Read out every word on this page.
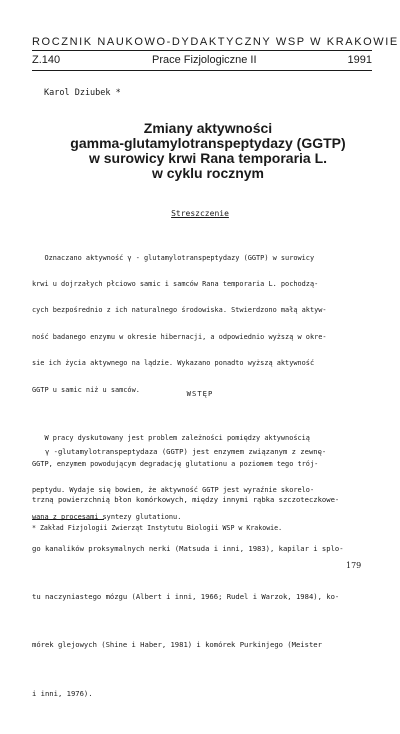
ROCZNIK NAUKOWO-DYDAKTYCZNY WSP W KRAKOWIE
Z.140	Prace Fizjologiczne II	1991
Karol Dziubek *
Zmiany aktywności
gamma-glutamylotranspeptydazy (GGTP)
w surowicy krwi Rana temporaria L.
w cyklu rocznym
Streszczenie

Oznaczano aktywność γ - glutamylotranspeptydazy (GGTP) w surowicy

krwi u dojrzałych płciowo samic i samców Rana temporaria L. pochodzą-

cych bezpośrednio z ich naturalnego środowiska. Stwierdzono małą aktyw-

ność badanego enzymu w okresie hibernacji, a odpowiednio wyższą w okre-

sie ich życia aktywnego na lądzie. Wykazano ponadto wyższą aktywność

GGTP u samic niż u samców.

W pracy dyskutowany jest problem zależności pomiędzy aktywnością

GGTP, enzymem powodującym degradację glutationu a poziomem tego trój-

peptydu. Wydaje się bowiem, że aktywność GGTP jest wyraźnie skorelo-

wana z procesami syntezy glutationu.

WSTĘP

γ -glutamylotranspeptydaza (GGTP) jest enzymem związanym z zewnę-

trzną powierzchnią błon komórkowych, między innymi rąbka szczoteczkowe-

go kanalików proksymalnych nerki (Matsuda i inni, 1983), kapilar i splo-

tu naczyniastego mózgu (Albert i inni, 1966; Rudel i Warzok, 1984), ko-

mórek glejowych (Shine i Haber, 1981) i komórek Purkinjego (Meister

i inni, 1976).

* Zakład Fizjologii Zwierząt Instytutu Biologii WSP w Krakowie.
179
